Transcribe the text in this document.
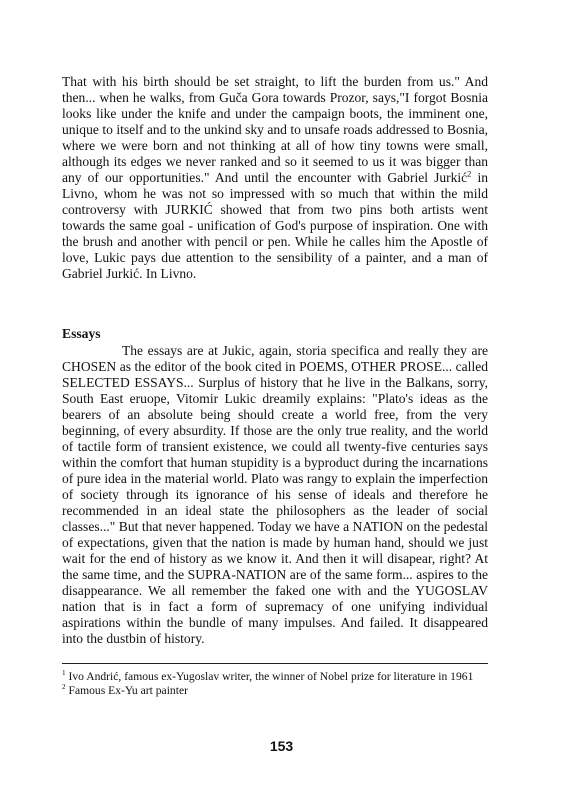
That with his birth should be set straight, to lift the burden from us." And then... when he walks, from Guča Gora towards Prozor, says,"I forgot Bosnia looks like under the knife and under the campaign boots, the imminent one, unique to itself and to the unkind sky and to unsafe roads addressed to Bosnia, where we were born and not thinking at all of how tiny towns were small, although its edges we never ranked and so it seemed to us it was bigger than any of our opportunities." And until the encounter with Gabriel Jurkić$^2$ in Livno, whom he was not so impressed with so much that within the mild controversy with JURKIĆ showed that from two pins both artists went towards the same goal - unification of God's purpose of inspiration. One with the brush and another with pencil or pen. While he calles him the Apostle of love, Lukic pays due attention to the sensibility of a painter, and a man of Gabriel Jurkić. In Livno.

Essays

The essays are at Jukic, again, storia specifica and really they are CHOSEN as the editor of the book cited in POEMS, OTHER PROSE... called SELECTED ESSAYS... Surplus of history that he live in the Balkans, sorry, South East eruope, Vitomir Lukic dreamily explains: "Plato's ideas as the bearers of an absolute being should create a world free, from the very beginning, of every absurdity. If those are the only true reality, and the world of tactile form of transient existence, we could all twenty-five centuries says within the comfort that human stupidity is a byproduct during the incarnations of pure idea in the material world. Plato was rangy to explain the imperfection of society through its ignorance of his sense of ideals and therefore he recommended in an ideal state the philosophers as the leader of social classes..." But that never happened. Today we have a NATION on the pedestal of expectations, given that the nation is made by human hand, should we just wait for the end of history as we know it. And then it will disapear, right? At the same time, and the SUPRA-NATION are of the same form... aspires to the disappearance. We all remember the faked one with and the YUGOSLAV nation that is in fact a form of supremacy of one unifying individual aspirations within the bundle of many impulses. And failed. It disappeared into the dustbin of history.

$^1$ Ivo Andrić, famous ex-Yugoslav writer, the winner of Nobel prize for literature in 1961

$^2$ Famous Ex-Yu art painter

153
